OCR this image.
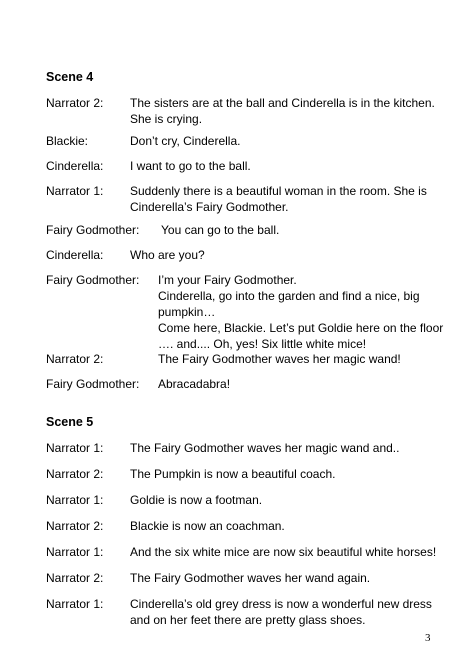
Scene 4
Narrator 2: The sisters are at the ball and Cinderella is in the kitchen.
She is crying.
Blackie:	Don’t cry, Cinderella.
Cinderella: I want to go to the ball.
Narrator 1: Suddenly there is a beautiful woman in the room. She is
Cinderella’s Fairy Godmother.
Fairy Godmother: You can go to the ball.
Cinderella: Who are you?
Fairy Godmother: I’m your Fairy Godmother.
Cinderella, go into the garden and find a nice, big
pumpkin…
Come here, Blackie. Let’s put Goldie here on the floor
…. and.... Oh, yes! Six little white mice!
Narrator 2:	The Fairy Godmother waves her magic wand!
Fairy Godmother: Abracadabra!
Scene 5
Narrator 1: The Fairy Godmother waves her magic wand and..
Narrator 2: The Pumpkin is now a beautiful coach.
Narrator 1: Goldie is now a footman.
Narrator 2: Blackie is now an coachman.
Narrator 1: And the six white mice are now six beautiful white horses!
Narrator 2: The Fairy Godmother waves her wand again.
Narrator 1: Cinderella’s old grey dress is now a wonderful new dress
and on her feet there are pretty glass shoes.
3
